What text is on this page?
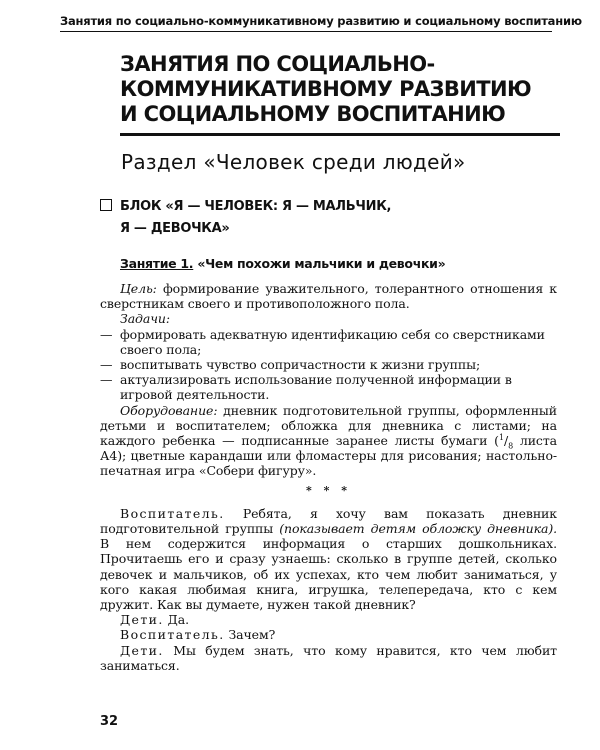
Занятия по социально-коммуникативному развитию и социальному воспитанию
ЗАНЯТИЯ ПО СОЦИАЛЬНО-
КОММУНИКАТИВНОМУ РАЗВИТИЮ
И СОЦИАЛЬНОМУ ВОСПИТАНИЮ
Раздел «Человек среди людей»
БЛОК «Я — ЧЕЛОВЕК: Я — МАЛЬЧИК,
Я — ДЕВОЧКА»
Занятие 1. «Чем похожи мальчики и девочки»

Цель: формирование уважительного, толерантного отношения к сверстникам своего и противоположного пола.

Задачи:

— формировать адекватную идентификацию себя со сверстниками своего пола;
— воспитывать чувство сопричастности к жизни группы;
— актуализировать использование полученной информации в игровой деятельности.

Оборудование: дневник подготовительной группы, оформленный детьми и воспитателем; обложка для дневника с листами; на каждого ребенка — подписанные заранее листы бумаги ($^1/_8$ листа А4); цветные карандаши или фломастеры для рисования; настольно-печатная игра «Собери фигуру».

* * *

Воспитатель. Ребята, я хочу вам показать дневник подготовительной группы (показывает детям обложку дневника). В нем содержится информация о старших дошкольниках. Прочитаешь его и сразу узнаешь: сколько в группе детей, сколько девочек и мальчиков, об их успехах, кто чем любит заниматься, у кого какая любимая книга, игрушка, телепередача, кто с кем дружит. Как вы думаете, нужен такой дневник?

Дети. Да.

Воспитатель. Зачем?

Дети. Мы будем знать, что кому нравится, кто чем любит заниматься.

32
